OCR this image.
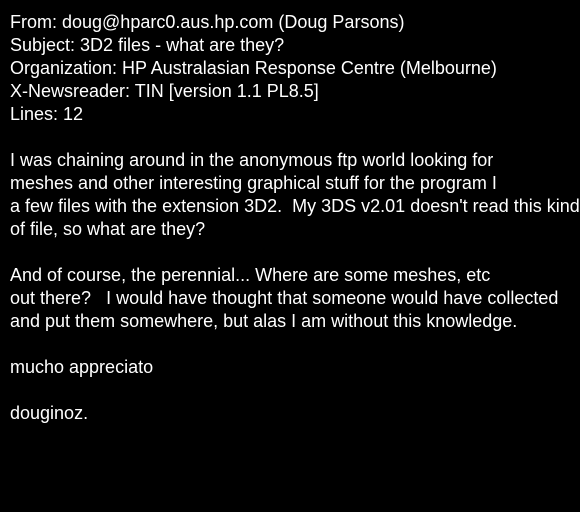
From: doug@hparc0.aus.hp.com (Doug Parsons)
Subject: 3D2 files - what are they?
Organization: HP Australasian Response Centre (Melbourne)
X-Newsreader: TIN [version 1.1 PL8.5]
Lines: 12
I was chaining around in the anonymous ftp world looking for
meshes and other interesting graphical stuff for the program I
a few files with the extension 3D2.  My 3DS v2.01 doesn't read this kind
of file, so what are they?
And of course, the perennial... Where are some meshes, etc
out there?   I would have thought that someone would have collected
and put them somewhere, but alas I am without this knowledge.
mucho appreciato
douginoz.
